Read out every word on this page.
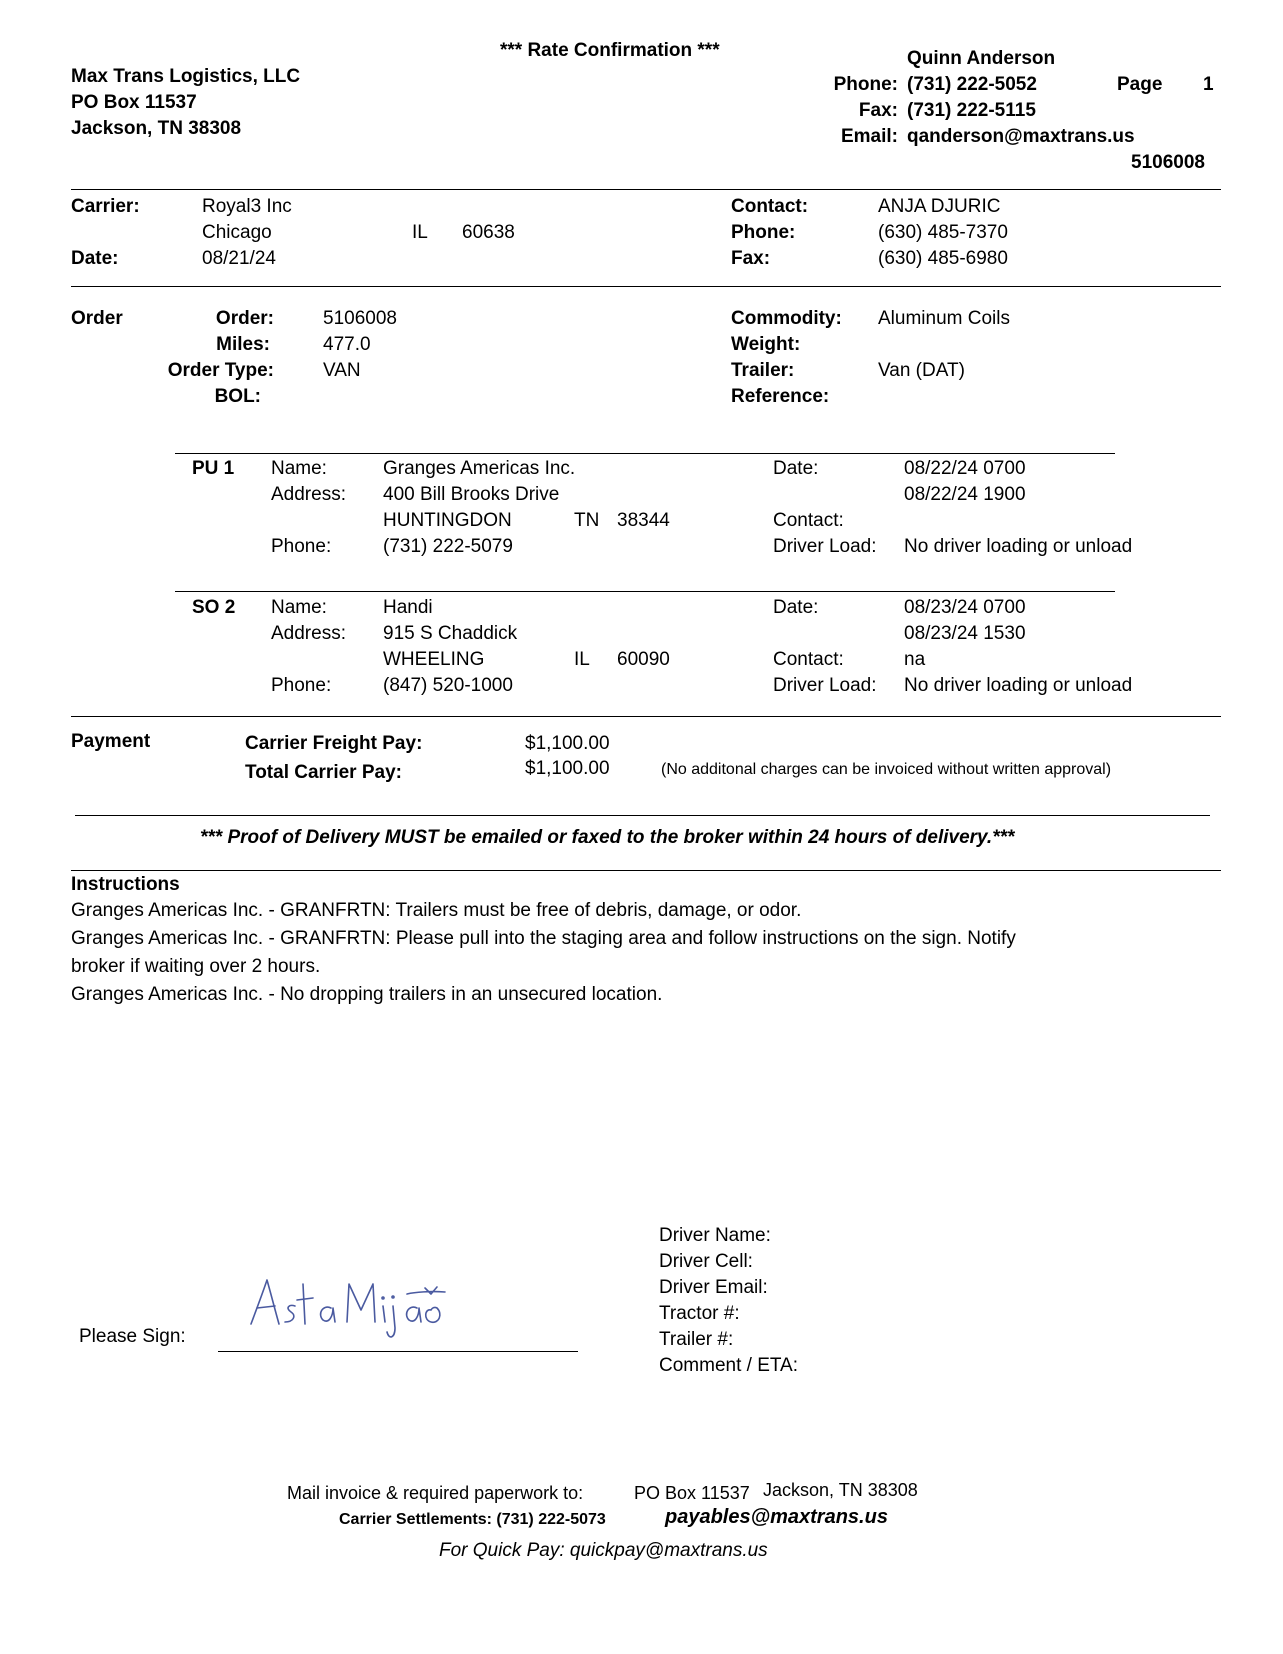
*** Rate Confirmation ***
Max Trans Logistics, LLC
PO Box 11537
Jackson, TN 38308
Quinn Anderson
Phone: (731) 222-5052	Page 1
Fax: (731) 222-5115
Email: qanderson@maxtrans.us
5106008
Carrier:	Royal3 Inc
Chicago	IL 60638
Date:	08/21/24
Contact:	ANJA DJURIC
Phone:	(630) 485-7370
Fax:	(630) 485-6980
Order	Order:	5106008
Miles:	477.0
Order Type:	VAN
BOL:
Commodity: Aluminum Coils
Weight:
Trailer:	Van (DAT)
Reference:
PU 1 Name:	Granges Americas Inc.
Address: 400 Bill Brooks Drive
HUNTINGDON	TN 38344
Phone:	(731) 222-5079
Date:	08/22/24 0700
08/22/24 1900
Contact:
Driver Load: No driver loading or unload
SO 2 Name:	Handi
Address: 915 S Chaddick
WHEELING	IL 60090
Phone:	(847) 520-1000
Date:	08/23/24 0700
08/23/24 1530
Contact:	na
Driver Load: No driver loading or unload
Payment	Carrier Freight Pay:	$1,100.00
Total Carrier Pay:	$1,100.00	(No additonal charges can be invoiced without written approval)
*** Proof of Delivery MUST be emailed or faxed to the broker within 24 hours of delivery.***
Instructions
Granges Americas Inc. - GRANFRTN: Trailers must be free of debris, damage, or odor.
Granges Americas Inc. - GRANFRTN: Please pull into the staging area and follow instructions on the sign. Notify
broker if waiting over 2 hours.
Granges Americas Inc. - No dropping trailers in an unsecured location.
Please Sign:
Driver Name:
Driver Cell:
Driver Email:
Tractor #:
Trailer #:
Comment / ETA:
Mail invoice & required paperwork to:	PO Box 11537 Jackson, TN 38308
Carrier Settlements: (731) 222-5073	payables@maxtrans.us
For Quick Pay: quickpay@maxtrans.us
